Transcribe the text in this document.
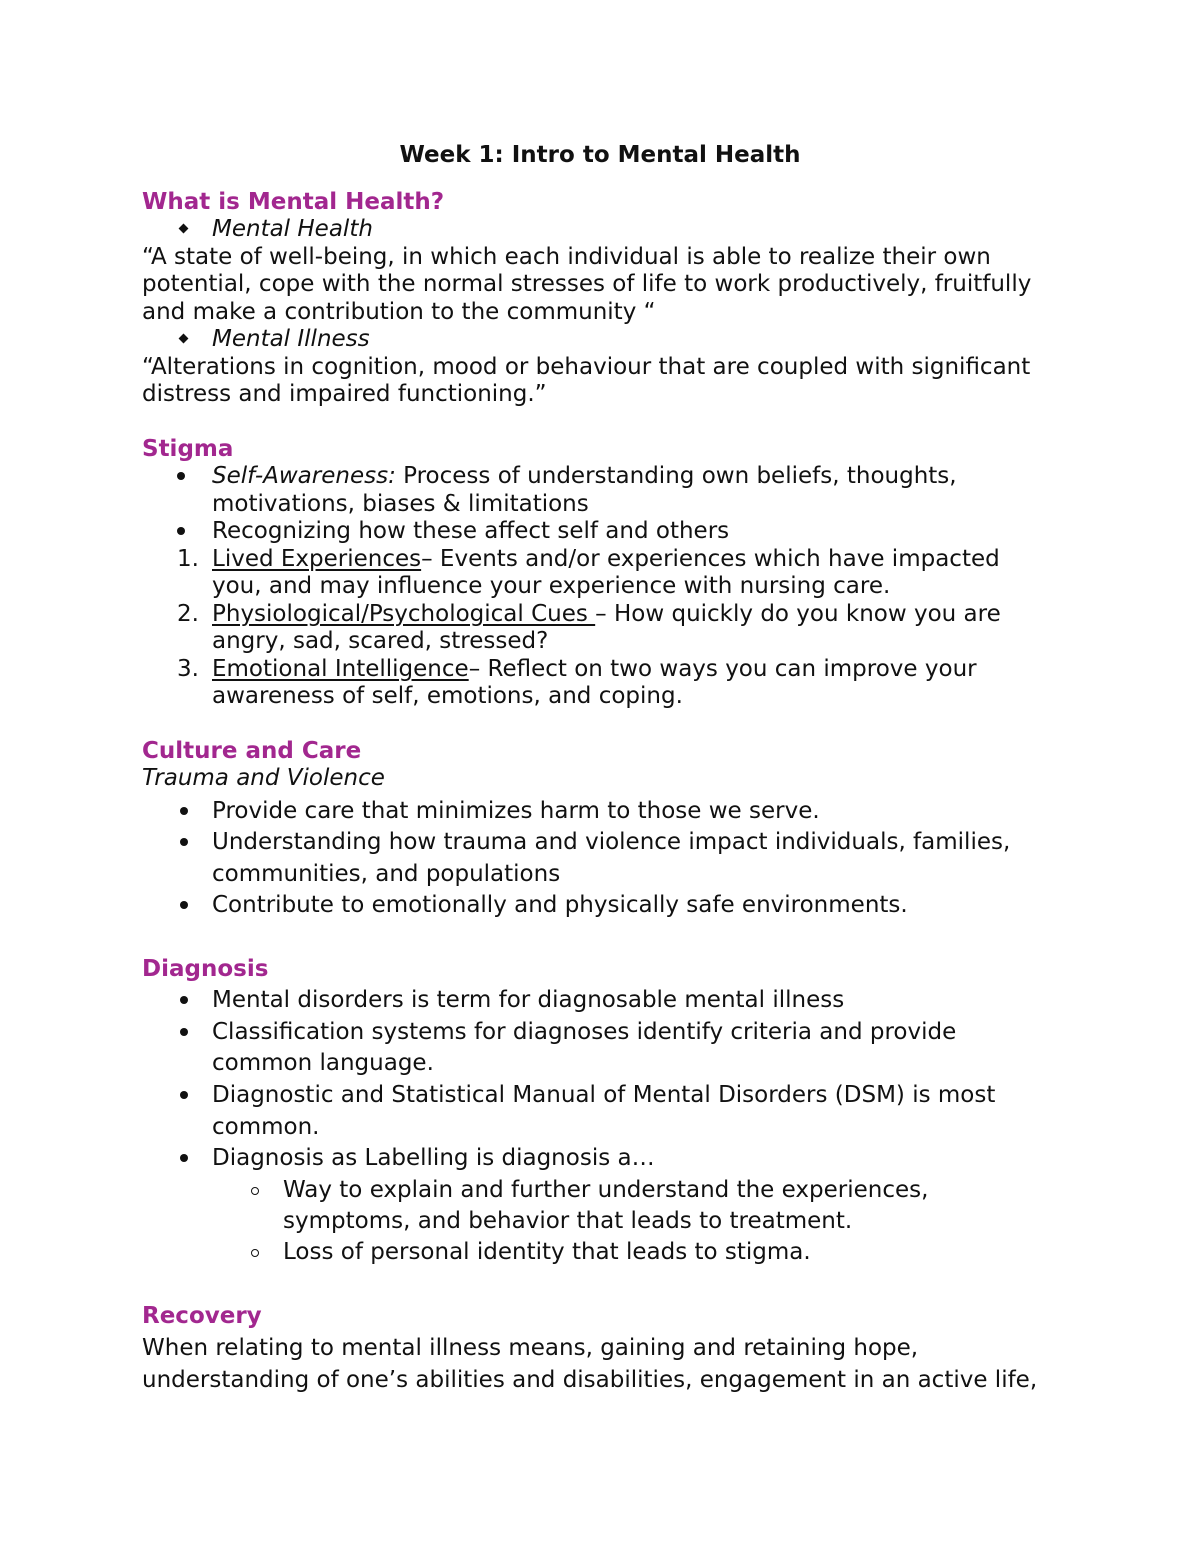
Week 1: Intro to Mental Health
What is Mental Health?

Mental Health

“A state of well-being, in which each individual is able to realize their own

potential, cope with the normal stresses of life to work productively, fruitfully

and make a contribution to the community “

Mental Illness

“Alterations in cognition, mood or behaviour that are coupled with significant

distress and impaired functioning.”

Stigma

Self-Awareness: Process of understanding own beliefs, thoughts,

motivations, biases & limitations

Recognizing how these affect self and others

1. Lived Experiences– Events and/or experiences which have impacted

you, and may influence your experience with nursing care.

2. Physiological/Psychological Cues – How quickly do you know you are

angry, sad, scared, stressed?

3. Emotional Intelligence– Reflect on two ways you can improve your

awareness of self, emotions, and coping.

Culture and Care

Trauma and Violence

Provide care that minimizes harm to those we serve.

Understanding how trauma and violence impact individuals, families,

communities, and populations

Contribute to emotionally and physically safe environments.

Diagnosis

Mental disorders is term for diagnosable mental illness

Classification systems for diagnoses identify criteria and provide

common language.

Diagnostic and Statistical Manual of Mental Disorders (DSM) is most

common.

Diagnosis as Labelling is diagnosis a…

Way to explain and further understand the experiences,

symptoms, and behavior that leads to treatment.

Loss of personal identity that leads to stigma.

Recovery

When relating to mental illness means, gaining and retaining hope,

understanding of one’s abilities and disabilities, engagement in an active life,
